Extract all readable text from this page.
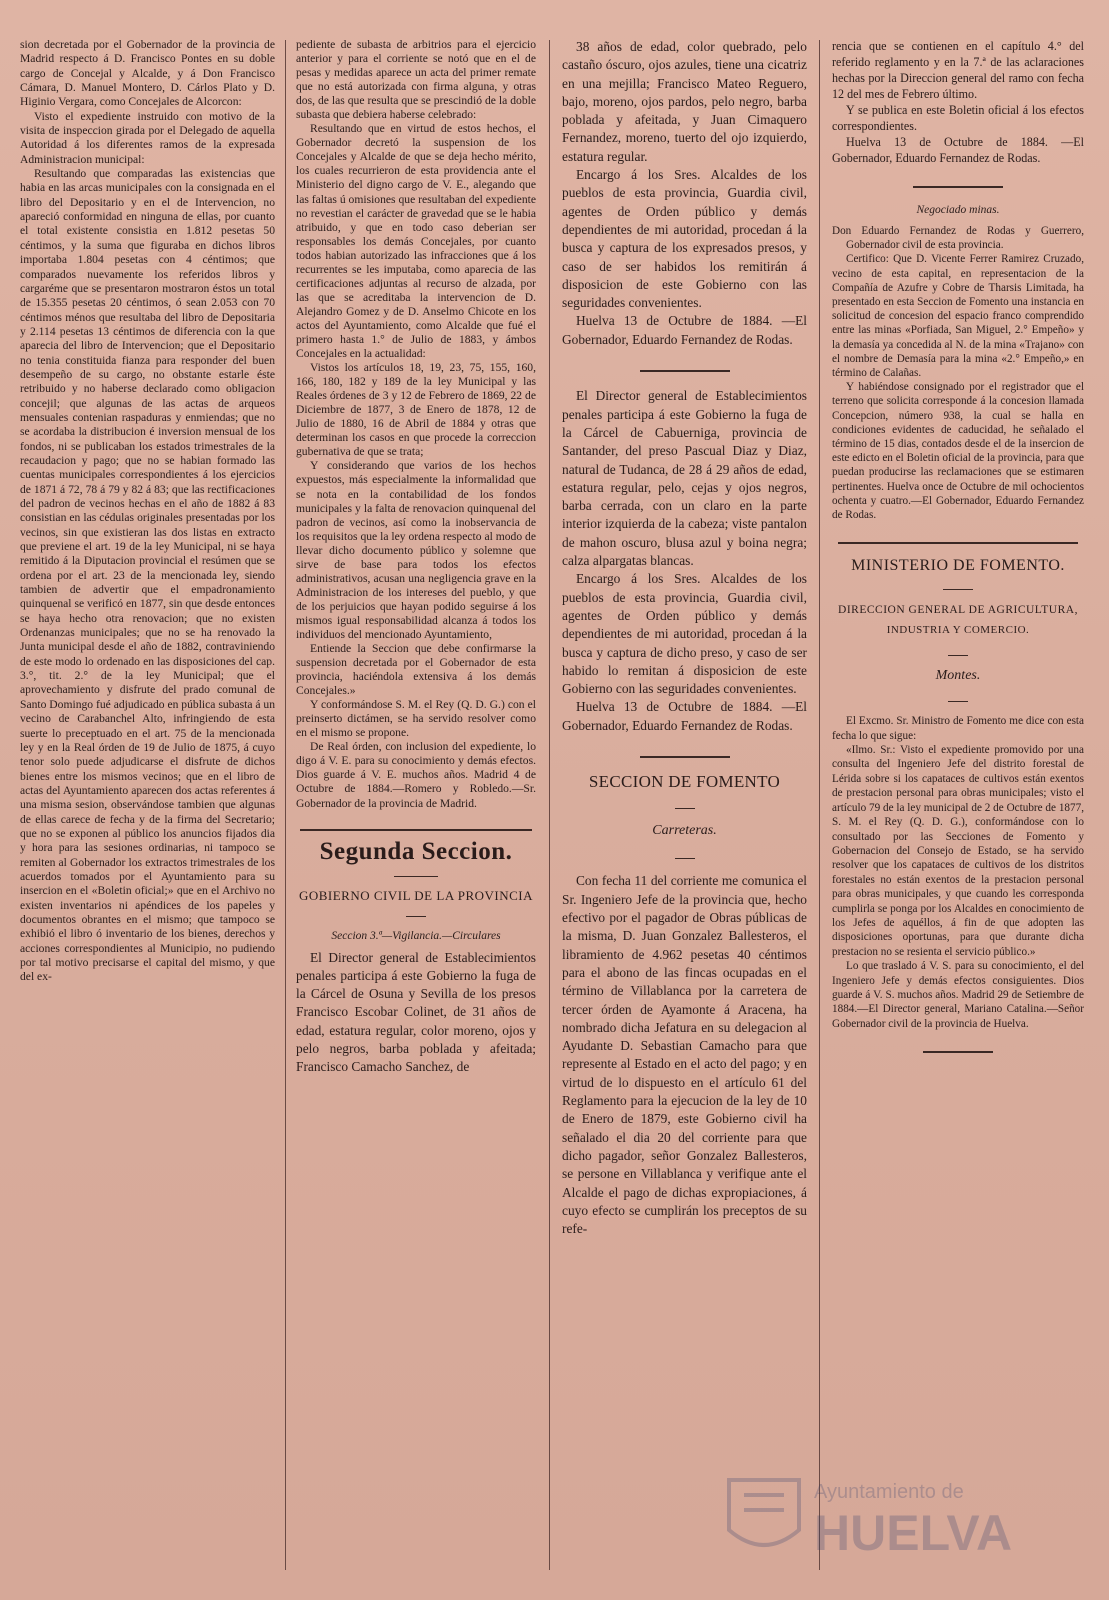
sion decretada por el Gobernador de la provincia de Madrid respecto á D. Francisco Pontes en su doble cargo de Concejal y Alcalde, y á Don Francisco Cámara, D. Manuel Montero, D. Cárlos Plato y D. Higinio Vergara, como Concejales de Alcorcon:

Visto el expediente instruido con motivo de la visita de inspeccion girada por el Delegado de aquella Autoridad á los diferentes ramos de la expresada Administracion municipal:

Resultando que comparadas las existencias que habia en las arcas municipales con la consignada en el libro del Depositario y en el de Intervencion, no apareció conformidad en ninguna de ellas, por cuanto el total existente consistia en 1.812 pesetas 50 céntimos, y la suma que figuraba en dichos libros importaba 1.804 pesetas con 4 céntimos; que comparados nuevamente los referidos libros y cargaréme que se presentaron mostraron éstos un total de 15.355 pesetas 20 céntimos, ó sean 2.053 con 70 céntimos ménos que resultaba del libro de Depositaria y 2.114 pesetas 13 céntimos de diferencia con la que aparecia del libro de Intervencion; que el Depositario no tenia constituida fianza para responder del buen desempeño de su cargo, no obstante estarle éste retribuido y no haberse declarado como obligacion concejil; que algunas de las actas de arqueos mensuales contenian raspaduras y enmiendas; que no se acordaba la distribucion é inversion mensual de los fondos, ni se publicaban los estados trimestrales de la recaudacion y pago; que no se habian formado las cuentas municipales correspondientes á los ejercicios de 1871 á 72, 78 á 79 y 82 á 83; que las rectificaciones del padron de vecinos hechas en el año de 1882 á 83 consistian en las cédulas originales presentadas por los vecinos, sin que existieran las dos listas en extracto que previene el art. 19 de la ley Municipal, ni se haya remitido á la Diputacion provincial el resúmen que se ordena por el art. 23 de la mencionada ley, siendo tambien de advertir que el empadronamiento quinquenal se verificó en 1877, sin que desde entonces se haya hecho otra renovacion; que no existen Ordenanzas municipales; que no se ha renovado la Junta municipal desde el año de 1882, contraviniendo de este modo lo ordenado en las disposiciones del cap. 3.°, tit. 2.° de la ley Municipal; que el aprovechamiento y disfrute del prado comunal de Santo Domingo fué adjudicado en pública subasta á un vecino de Carabanchel Alto, infringiendo de esta suerte lo preceptuado en el art. 75 de la mencionada ley y en la Real órden de 19 de Julio de 1875, á cuyo tenor solo puede adjudicarse el disfrute de dichos bienes entre los mismos vecinos; que en el libro de actas del Ayuntamiento aparecen dos actas referentes á una misma sesion, observándose tambien que algunas de ellas carece de fecha y de la firma del Secretario; que no se exponen al público los anuncios fijados dia y hora para las sesiones ordinarias, ni tampoco se remiten al Gobernador los extractos trimestrales de los acuerdos tomados por el Ayuntamiento para su insercion en el «Boletin oficial;» que en el Archivo no existen inventarios ni apéndices de los papeles y documentos obrantes en el mismo; que tampoco se exhibió el libro ó inventario de los bienes, derechos y acciones correspondientes al Municipio, no pudiendo por tal motivo precisarse el capital del mismo, y que del ex-

pediente de subasta de arbitrios para el ejercicio anterior y para el corriente se notó que en el de pesas y medidas aparece un acta del primer remate que no está autorizada con firma alguna, y otras dos, de las que resulta que se prescindió de la doble subasta que debiera haberse celebrado:

Resultando que en virtud de estos hechos, el Gobernador decretó la suspension de los Concejales y Alcalde de que se deja hecho mérito, los cuales recurrieron de esta providencia ante el Ministerio del digno cargo de V. E., alegando que las faltas ú omisiones que resultaban del expediente no revestian el carácter de gravedad que se le habia atribuido, y que en todo caso deberian ser responsables los demás Concejales, por cuanto todos habian autorizado las infracciones que á los recurrentes se les imputaba, como aparecia de las certificaciones adjuntas al recurso de alzada, por las que se acreditaba la intervencion de D. Alejandro Gomez y de D. Anselmo Chicote en los actos del Ayuntamiento, como Alcalde que fué el primero hasta 1.° de Julio de 1883, y ámbos Concejales en la actualidad:

Vistos los artículos 18, 19, 23, 75, 155, 160, 166, 180, 182 y 189 de la ley Municipal y las Reales órdenes de 3 y 12 de Febrero de 1869, 22 de Diciembre de 1877, 3 de Enero de 1878, 12 de Julio de 1880, 16 de Abril de 1884 y otras que determinan los casos en que procede la correccion gubernativa de que se trata;

Y considerando que varios de los hechos expuestos, más especialmente la informalidad que se nota en la contabilidad de los fondos municipales y la falta de renovacion quinquenal del padron de vecinos, así como la inobservancia de los requisitos que la ley ordena respecto al modo de llevar dicho documento público y solemne que sirve de base para todos los efectos administrativos, acusan una negligencia grave en la Administracion de los intereses del pueblo, y que de los perjuicios que hayan podido seguirse á los mismos igual responsabilidad alcanza á todos los individuos del mencionado Ayuntamiento,

Entiende la Seccion que debe confirmarse la suspension decretada por el Gobernador de esta provincia, haciéndola extensiva á los demás Concejales.»

Y conformándose S. M. el Rey (Q. D. G.) con el preinserto dictámen, se ha servido resolver como en el mismo se propone.

De Real órden, con inclusion del expediente, lo digo á V. E. para su conocimiento y demás efectos. Dios guarde á V. E. muchos años. Madrid 4 de Octubre de 1884.—Romero y Robledo.—Sr. Gobernador de la provincia de Madrid.

Segunda Seccion.
GOBIERNO CIVIL DE LA PROVINCIA
Seccion 3.ª—Vigilancia.—Circulares

El Director general de Establecimientos penales participa á este Gobierno la fuga de la Cárcel de Osuna y Sevilla de los presos Francisco Escobar Colinet, de 31 años de edad, estatura regular, color moreno, ojos y pelo negros, barba poblada y afeitada; Francisco Camacho Sanchez, de

38 años de edad, color quebrado, pelo castaño óscuro, ojos azules, tiene una cicatriz en una mejilla; Francisco Mateo Reguero, bajo, moreno, ojos pardos, pelo negro, barba poblada y afeitada, y Juan Cimaquero Fernandez, moreno, tuerto del ojo izquierdo, estatura regular.

Encargo á los Sres. Alcaldes de los pueblos de esta provincia, Guardia civil, agentes de Orden público y demás dependientes de mi autoridad, procedan á la busca y captura de los expresados presos, y caso de ser habidos los remitirán á disposicion de este Gobierno con las seguridades convenientes.

Huelva 13 de Octubre de 1884. —El Gobernador, Eduardo Fernandez de Rodas.

El Director general de Establecimientos penales participa á este Gobierno la fuga de la Cárcel de Cabuerniga, provincia de Santander, del preso Pascual Diaz y Diaz, natural de Tudanca, de 28 á 29 años de edad, estatura regular, pelo, cejas y ojos negros, barba cerrada, con un claro en la parte interior izquierda de la cabeza; viste pantalon de mahon oscuro, blusa azul y boina negra; calza alpargatas blancas.

Encargo á los Sres. Alcaldes de los pueblos de esta provincia, Guardia civil, agentes de Orden público y demás dependientes de mi autoridad, procedan á la busca y captura de dicho preso, y caso de ser habido lo remitan á disposicion de este Gobierno con las seguridades convenientes.

Huelva 13 de Octubre de 1884. —El Gobernador, Eduardo Fernandez de Rodas.

SECCION DE FOMENTO
Carreteras.

Con fecha 11 del corriente me comunica el Sr. Ingeniero Jefe de la provincia que, hecho efectivo por el pagador de Obras públicas de la misma, D. Juan Gonzalez Ballesteros, el libramiento de 4.962 pesetas 40 céntimos para el abono de las fincas ocupadas en el término de Villablanca por la carretera de tercer órden de Ayamonte á Aracena, ha nombrado dicha Jefatura en su delegacion al Ayudante D. Sebastian Camacho para que represente al Estado en el acto del pago; y en virtud de lo dispuesto en el artículo 61 del Reglamento para la ejecucion de la ley de 10 de Enero de 1879, este Gobierno civil ha señalado el dia 20 del corriente para que dicho pagador, señor Gonzalez Ballesteros, se persone en Villablanca y verifique ante el Alcalde el pago de dichas expropiaciones, á cuyo efecto se cumplirán los preceptos de su refe-

rencia que se contienen en el capítulo 4.° del referido reglamento y en la 7.ª de las aclaraciones hechas por la Direccion general del ramo con fecha 12 del mes de Febrero último.

Y se publica en este Boletin oficial á los efectos correspondientes.

Huelva 13 de Octubre de 1884. —El Gobernador, Eduardo Fernandez de Rodas.

Negociado minas.

Don Eduardo Fernandez de Rodas y Guerrero, Gobernador civil de esta provincia.

Certifico: Que D. Vicente Ferrer Ramirez Cruzado, vecino de esta capital, en representacion de la Compañía de Azufre y Cobre de Tharsis Limitada, ha presentado en esta Seccion de Fomento una instancia en solicitud de concesion del espacio franco comprendido entre las minas «Porfiada, San Miguel, 2.° Empeño» y la demasía ya concedida al N. de la mina «Trajano» con el nombre de Demasía para la mina «2.° Empeño,» en término de Calañas.

Y habiéndose consignado por el registrador que el terreno que solicita corresponde á la concesion llamada Concepcion, número 938, la cual se halla en condiciones evidentes de caducidad, he señalado el término de 15 dias, contados desde el de la insercion de este edicto en el Boletin oficial de la provincia, para que puedan producirse las reclamaciones que se estimaren pertinentes. Huelva once de Octubre de mil ochocientos ochenta y cuatro.—El Gobernador, Eduardo Fernandez de Rodas.

MINISTERIO DE FOMENTO.
DIRECCION GENERAL DE AGRICULTURA,
INDUSTRIA Y COMERCIO.
Montes.

El Excmo. Sr. Ministro de Fomento me dice con esta fecha lo que sigue:

«Ilmo. Sr.: Visto el expediente promovido por una consulta del Ingeniero Jefe del distrito forestal de Lérida sobre si los capataces de cultivos están exentos de prestacion personal para obras municipales; visto el artículo 79 de la ley municipal de 2 de Octubre de 1877, S. M. el Rey (Q. D. G.), conformándose con lo consultado por las Secciones de Fomento y Gobernacion del Consejo de Estado, se ha servido resolver que los capataces de cultivos de los distritos forestales no están exentos de la prestacion personal para obras municipales, y que cuando les corresponda cumplirla se ponga por los Alcaldes en conocimiento de los Jefes de aquéllos, á fin de que adopten las disposiciones oportunas, para que durante dicha prestacion no se resienta el servicio público.»

Lo que traslado á V. S. para su conocimiento, el del Ingeniero Jefe y demás efectos consiguientes. Dios guarde á V. S. muchos años. Madrid 29 de Setiembre de 1884.—El Director general, Mariano Catalina.—Señor Gobernador civil de la provincia de Huelva.

Ayuntamiento de
HUELVA
